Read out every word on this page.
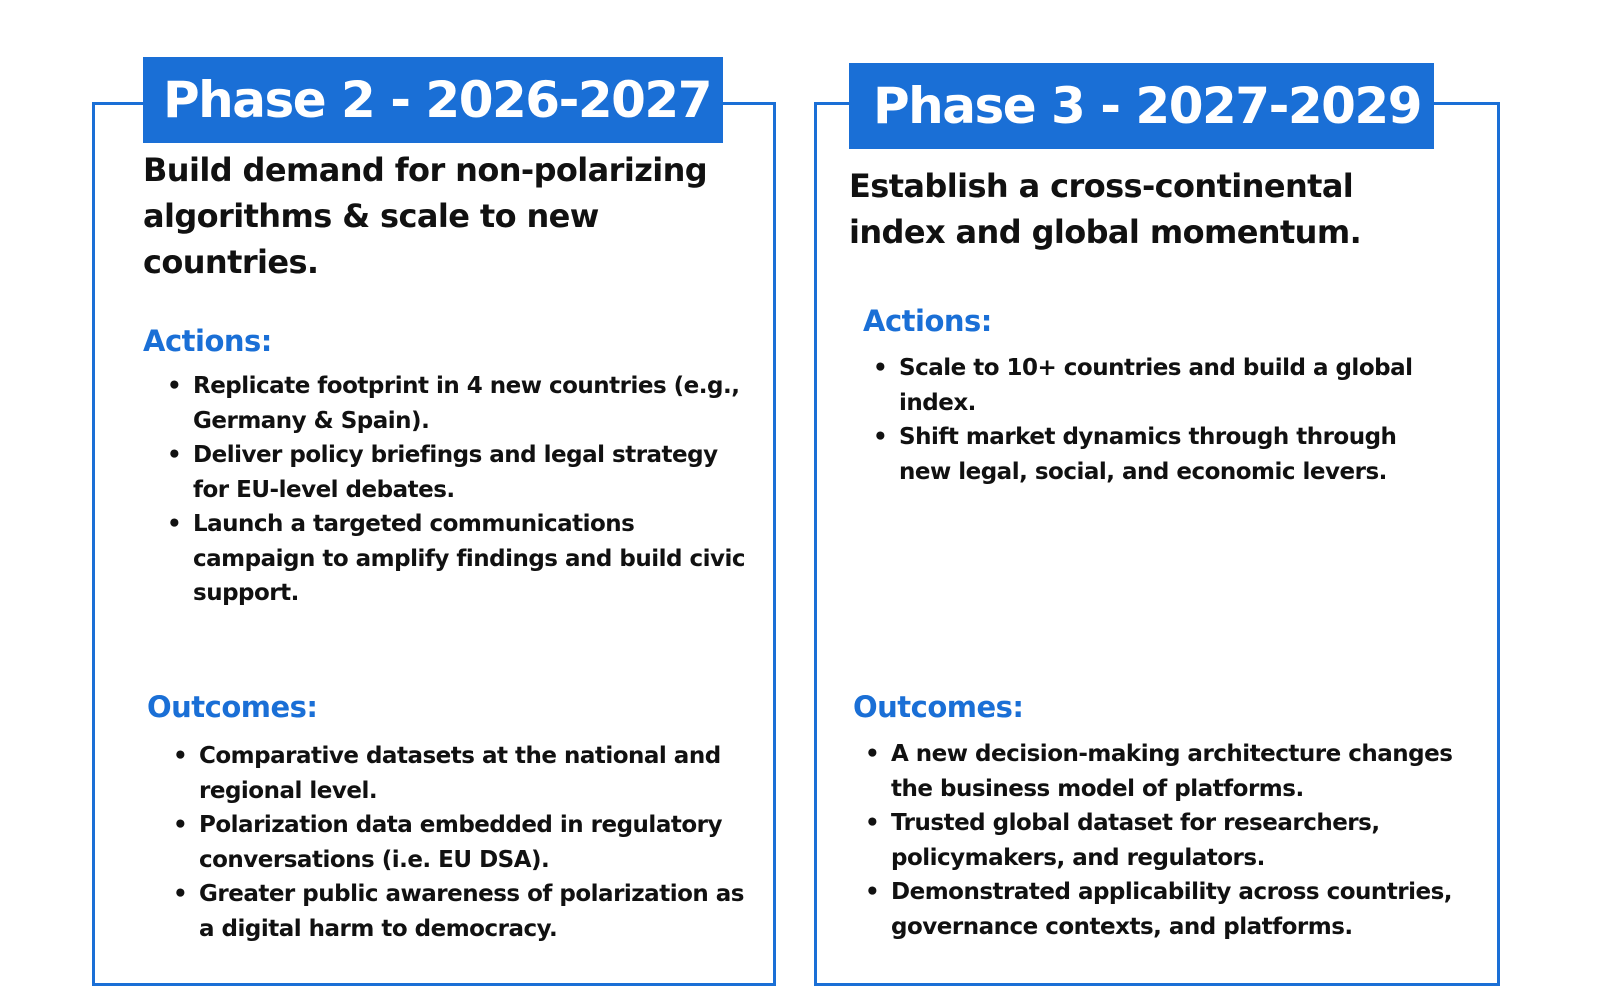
Phase 2 - 2026-2027

Build demand for non-polarizing algorithms & scale to new countries.

Actions:
• Replicate footprint in 4 new countries (e.g., Germany & Spain).
• Deliver policy briefings and legal strategy for EU-level debates.
• Launch a targeted communications campaign to amplify findings and build civic support.
Outcomes:
• Comparative datasets at the national and regional level.
• Polarization data embedded in regulatory conversations (i.e. EU DSA).
• Greater public awareness of polarization as a digital harm to democracy.
Phase 3 - 2027-2029

Establish a cross-continental index and global momentum.

Actions:
• Scale to 10+ countries and build a global index.
• Shift market dynamics through through new legal, social, and economic levers.
Outcomes:
• A new decision-making architecture changes the business model of platforms.
• Trusted global dataset for researchers, policymakers, and regulators.
• Demonstrated applicability across countries, governance contexts, and platforms.
